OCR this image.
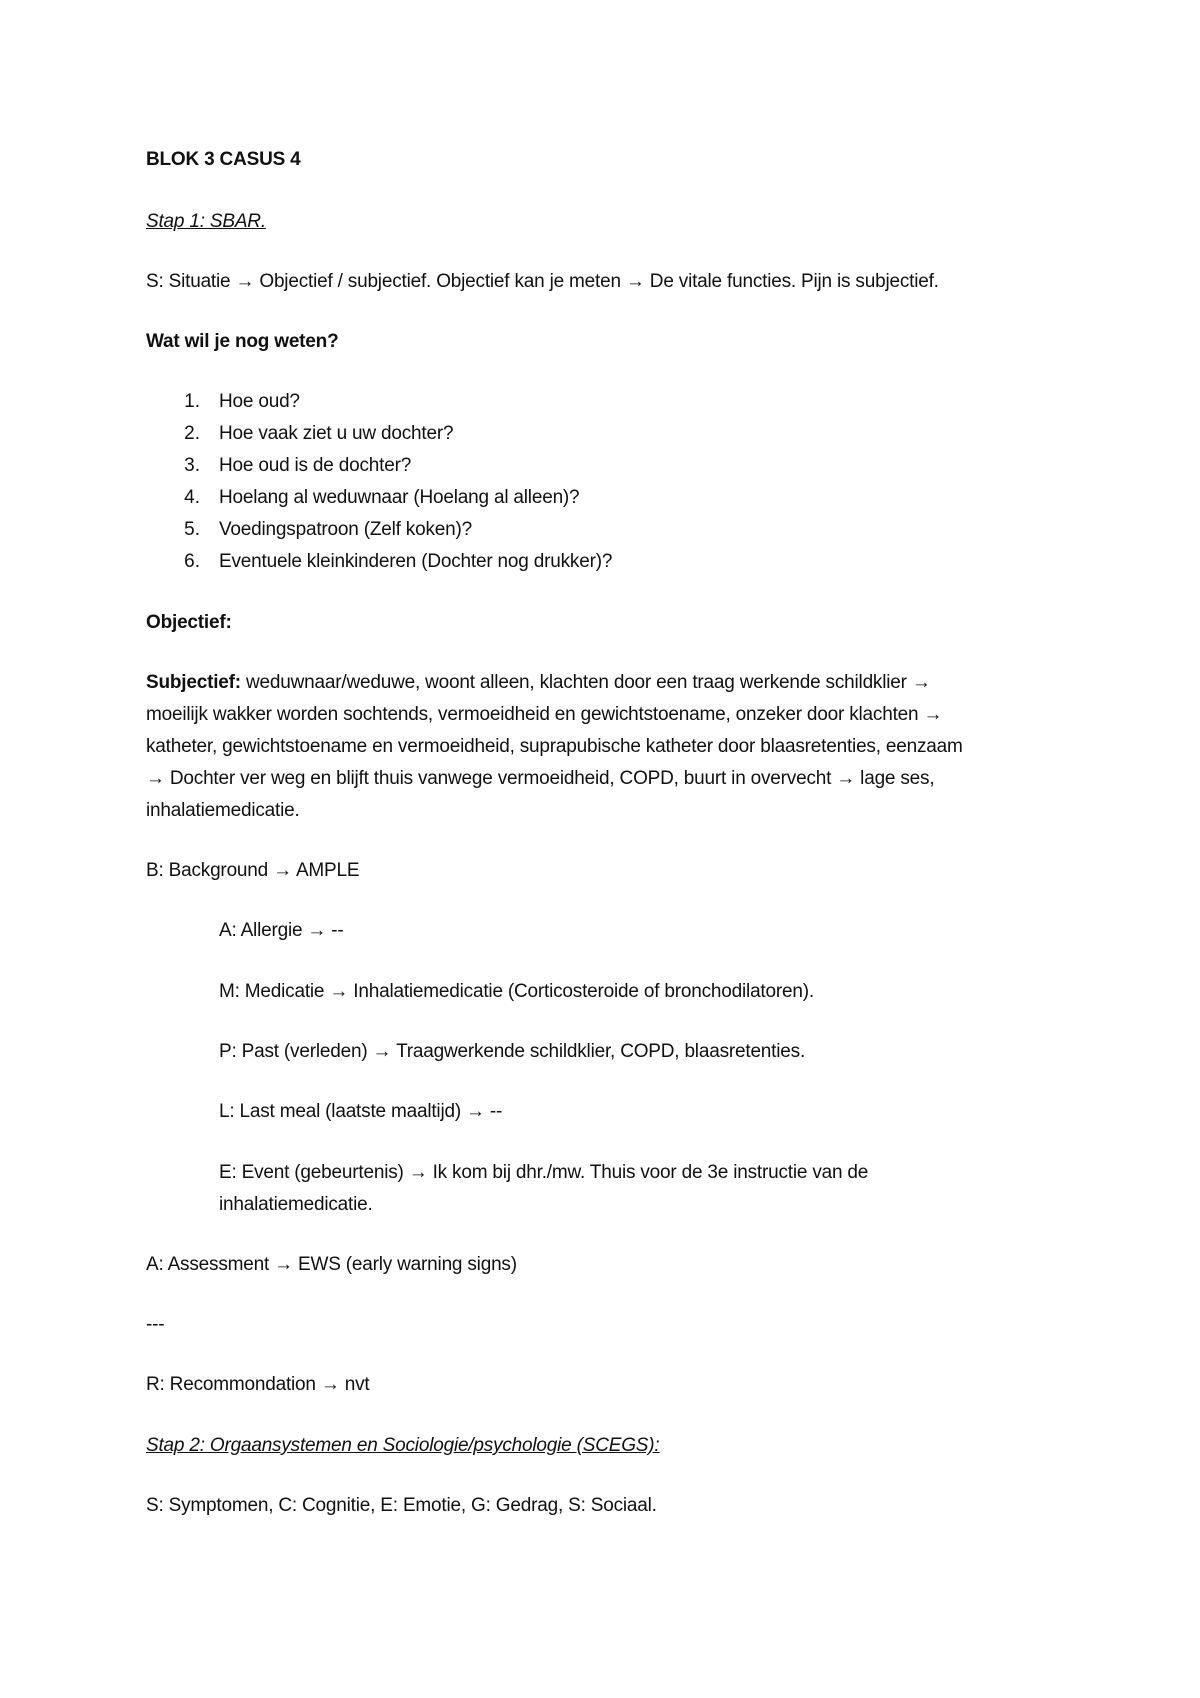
BLOK 3 CASUS 4
Stap 1: SBAR.
S: Situatie → Objectief / subjectief. Objectief kan je meten → De vitale functies. Pijn is subjectief.
Wat wil je nog weten?
1. Hoe oud?
2. Hoe vaak ziet u uw dochter?
3. Hoe oud is de dochter?
4. Hoelang al weduwnaar (Hoelang al alleen)?
5. Voedingspatroon (Zelf koken)?
6. Eventuele kleinkinderen (Dochter nog drukker)?
Objectief:
Subjectief: weduwnaar/weduwe, woont alleen, klachten door een traag werkende schildklier →
moeilijk wakker worden sochtends, vermoeidheid en gewichtstoename, onzeker door klachten →
katheter, gewichtstoename en vermoeidheid, suprapubische katheter door blaasretenties, eenzaam
→ Dochter ver weg en blijft thuis vanwege vermoeidheid, COPD, buurt in overvecht → lage ses,
inhalatiemedicatie.
B: Background → AMPLE
A: Allergie → --
M: Medicatie → Inhalatiemedicatie (Corticosteroide of bronchodilatoren).
P: Past (verleden) → Traagwerkende schildklier, COPD, blaasretenties.
L: Last meal (laatste maaltijd) → --
E: Event (gebeurtenis) → Ik kom bij dhr./mw. Thuis voor de 3e instructie van de
inhalatiemedicatie.
A: Assessment → EWS (early warning signs)
---
R: Recommondation → nvt
Stap 2: Orgaansystemen en Sociologie/psychologie (SCEGS):
S: Symptomen, C: Cognitie, E: Emotie, G: Gedrag, S: Sociaal.
